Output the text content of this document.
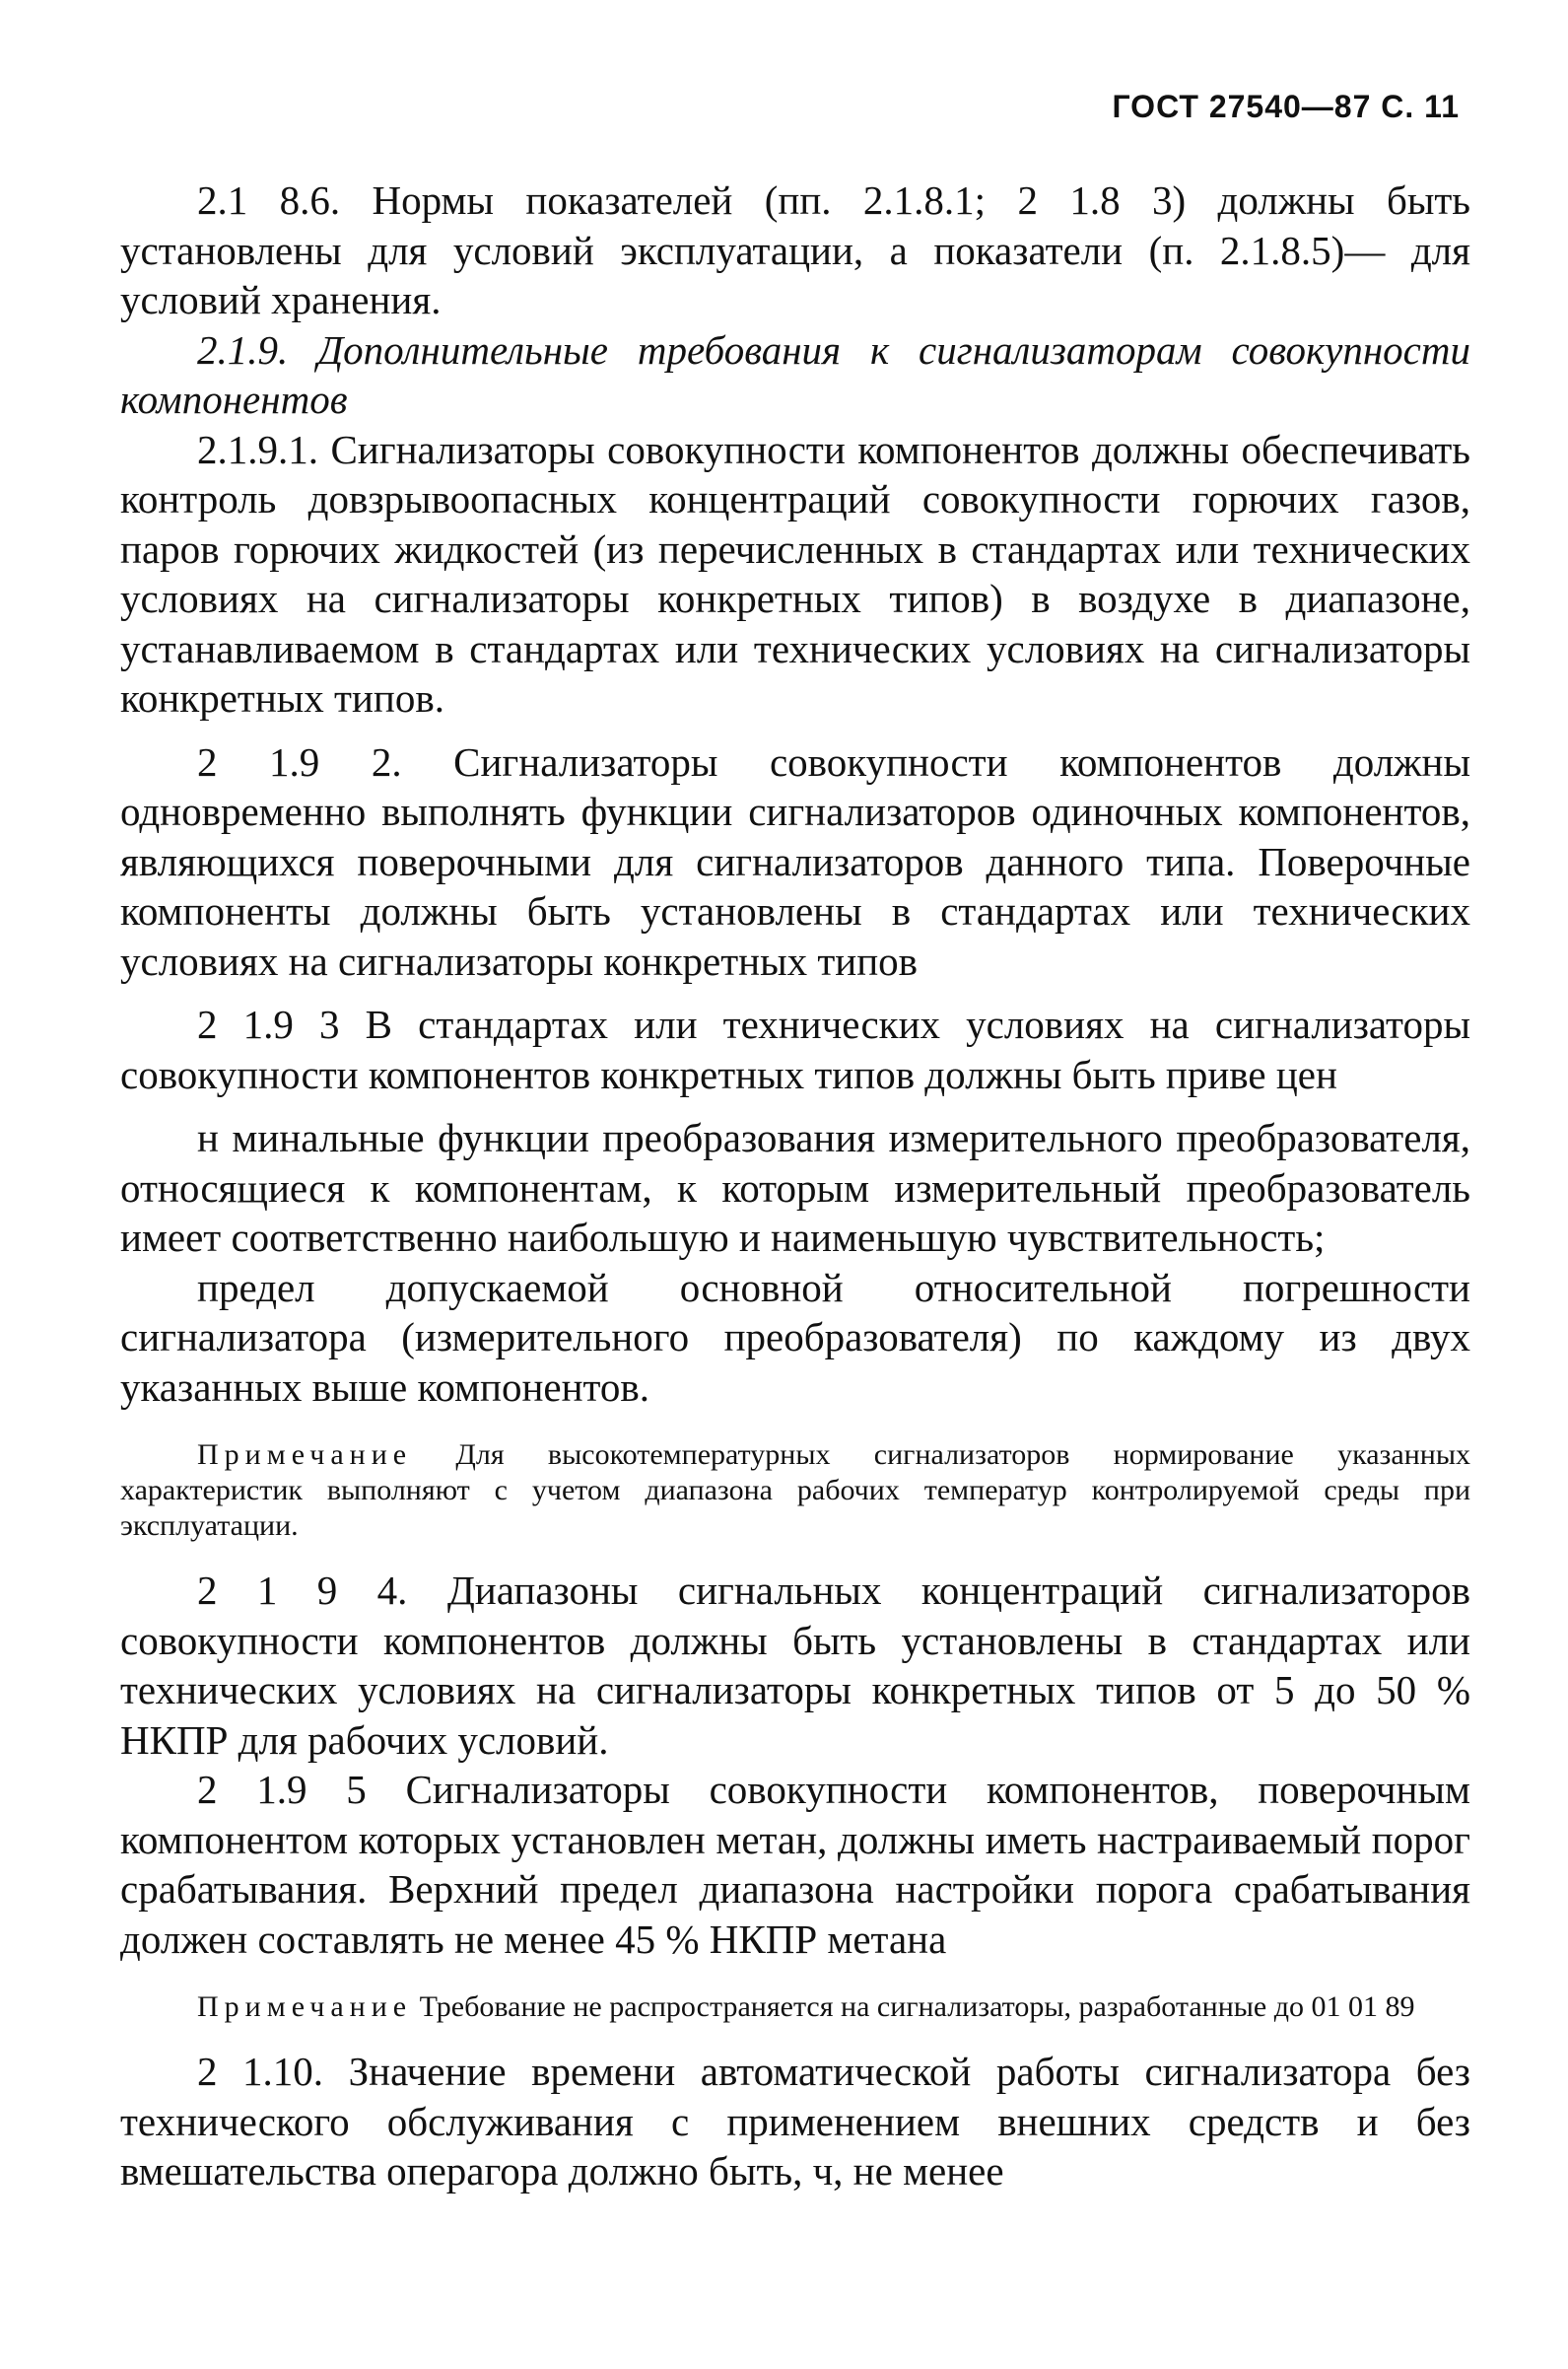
ГОСТ 27540—87 С. 11

2.1 8.6. Нормы показателей (пп. 2.1.8.1; 2 1.8 3) должны быть установлены для условий эксплуатации, а показатели (п. 2.1.8.5)— для условий хранения.

2.1.9. Дополнительные требования к сигнализаторам совокупности компонентов

2.1.9.1. Сигнализаторы совокупности компонентов должны обеспечивать контроль довзрывоопасных концентраций совокупности горючих газов, паров горючих жидкостей (из перечисленных в стандартах или технических условиях на сигнализаторы конкретных типов) в воздухе в диапазоне, устанавливаемом в стандартах или технических условиях на сигнализаторы конкретных типов.

2 1.9 2. Сигнализаторы совокупности компонентов должны одновременно выполнять функции сигнализаторов одиночных компонентов, являющихся поверочными для сигнализаторов данного типа. Поверочные компоненты должны быть установлены в стандартах или технических условиях на сигнализаторы конкретных типов

2 1.9 3 В стандартах или технических условиях на сигнализаторы совокупности компонентов конкретных типов должны быть приве цен

н минальные функции преобразования измерительного преобразователя, относящиеся к компонентам, к которым измерительный преобразователь имеет соответственно наибольшую и наименьшую чувствительность;

предел допускаемой основной относительной погрешности сигнализатора (измерительного преобразователя) по каждому из двух указанных выше компонентов.

Примечание Для высокотемпературных сигнализаторов нормирование указанных характеристик выполняют с учетом диапазона рабочих температур контролируемой среды при эксплуатации.

2 1 9 4. Диапазоны сигнальных концентраций сигнализаторов совокупности компонентов должны быть установлены в стандартах или технических условиях на сигнализаторы конкретных типов от 5 до 50 % НКПР для рабочих условий.

2 1.9 5 Сигнализаторы совокупности компонентов, поверочным компонентом которых установлен метан, должны иметь настраиваемый порог срабатывания. Верхний предел диапазона настройки порога срабатывания должен составлять не менее 45 % НКПР метана

Примечание Требование не распространяется на сигнализаторы, разработанные до 01 01 89

2 1.10. Значение времени автоматической работы сигнализатора без технического обслуживания с применением внешних средств и без вмешательства операгора должно быть, ч, не менее
